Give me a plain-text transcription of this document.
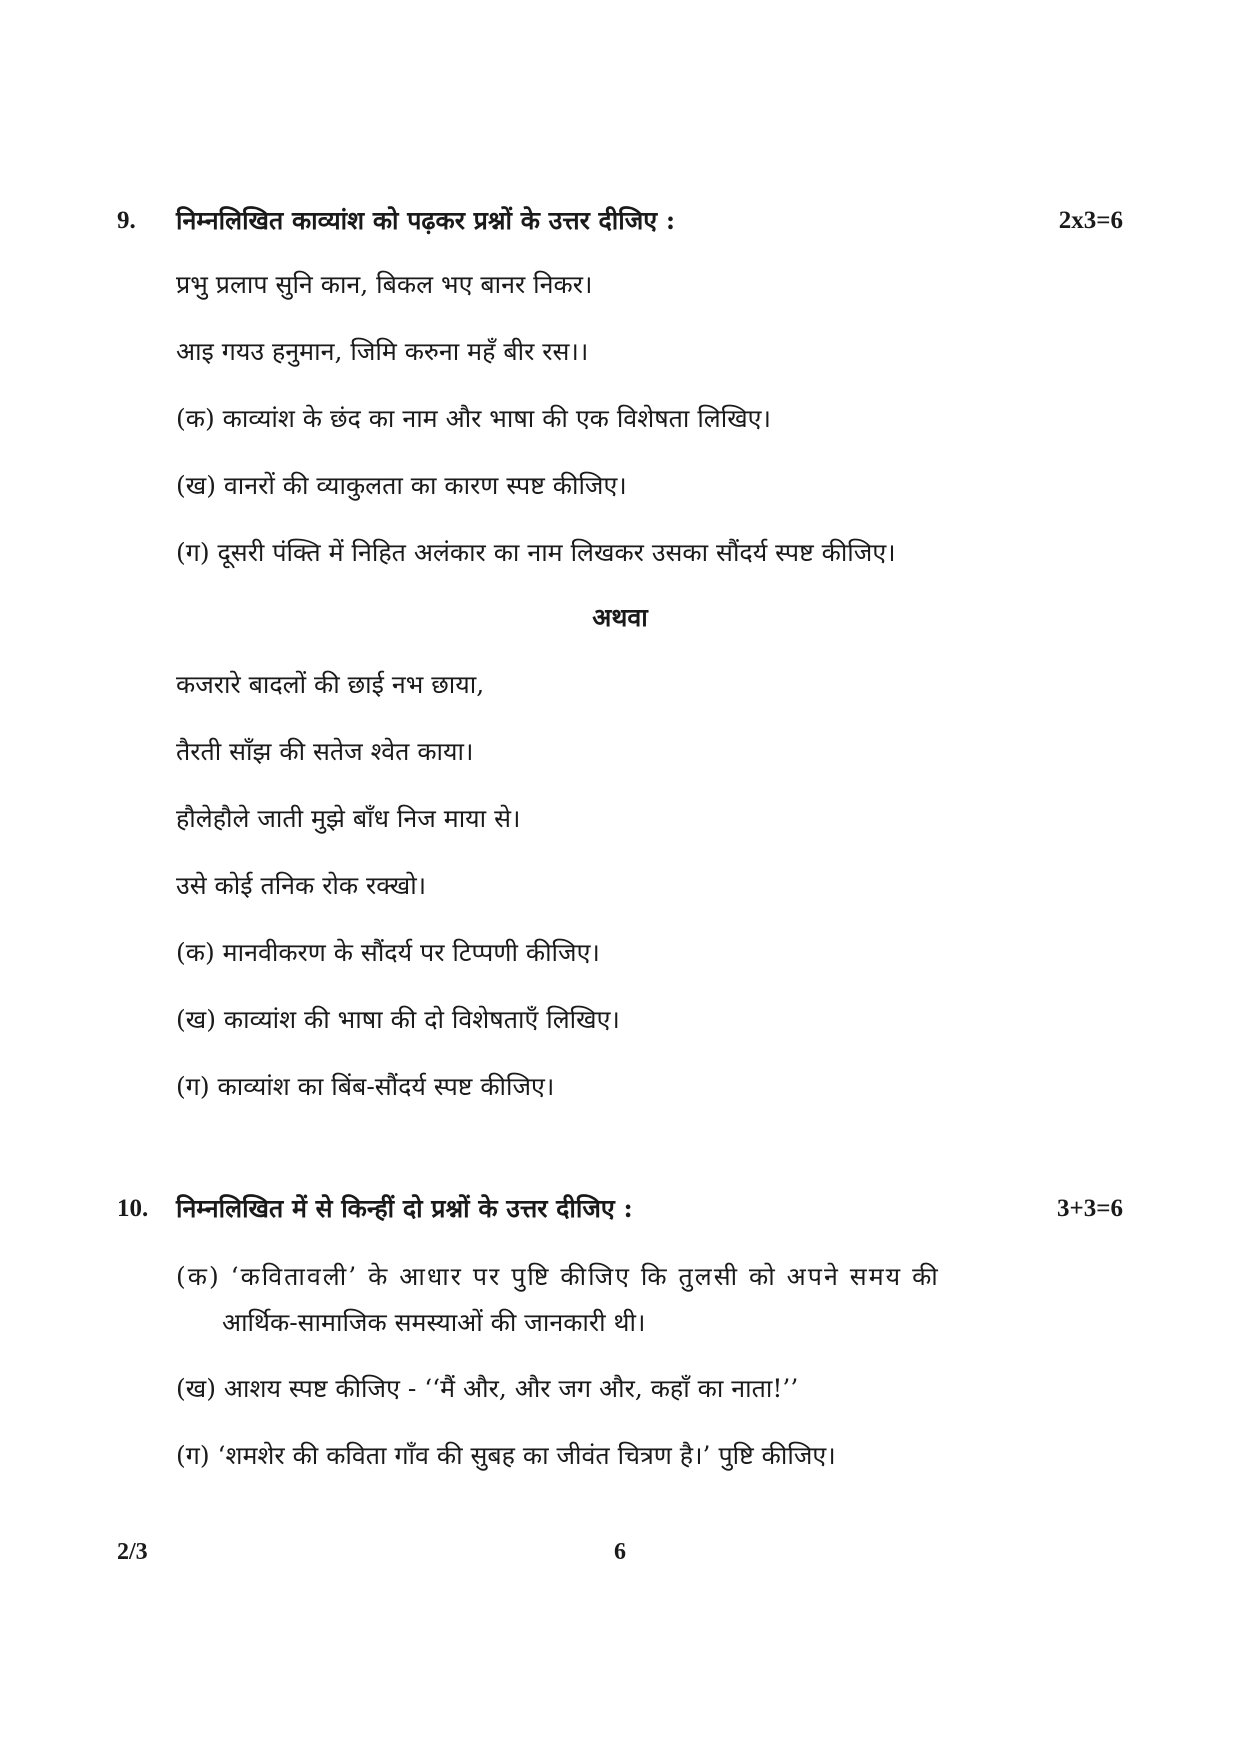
9. निम्नलिखित काव्यांश को पढ़कर प्रश्नों के उत्तर दीजिए :	2x3=6
प्रभु प्रलाप सुनि कान, बिकल भए बानर निकर।
आइ गयउ हनुमान, जिमि करुना महँ बीर रस।।
(क) काव्यांश के छंद का नाम और भाषा की एक विशेषता लिखिए।
(ख) वानरों की व्याकुलता का कारण स्पष्ट कीजिए।
(ग) दूसरी पंक्ति में निहित अलंकार का नाम लिखकर उसका सौंदर्य स्पष्ट कीजिए।
अथवा
कजरारे बादलों की छाई नभ छाया,
तैरती साँझ की सतेज श्वेत काया।
हौलेहौले जाती मुझे बाँध निज माया से।
उसे कोई तनिक रोक रक्खो।
(क) मानवीकरण के सौंदर्य पर टिप्पणी कीजिए।
(ख) काव्यांश की भाषा की दो विशेषताएँ लिखिए।
(ग) काव्यांश का बिंब-सौंदर्य स्पष्ट कीजिए।
10. निम्नलिखित में से किन्हीं दो प्रश्नों के उत्तर दीजिए :	3+3=6
(क) ‘कवितावली’ के आधार पर पुष्टि कीजिए कि तुलसी को अपने समय की
आर्थिक-सामाजिक समस्याओं की जानकारी थी।
(ख) आशय स्पष्ट कीजिए - ‘‘मैं और, और जग और, कहाँ का नाता!’’
(ग) ‘शमशेर की कविता गाँव की सुबह का जीवंत चित्रण है।’ पुष्टि कीजिए।
2/3	6
